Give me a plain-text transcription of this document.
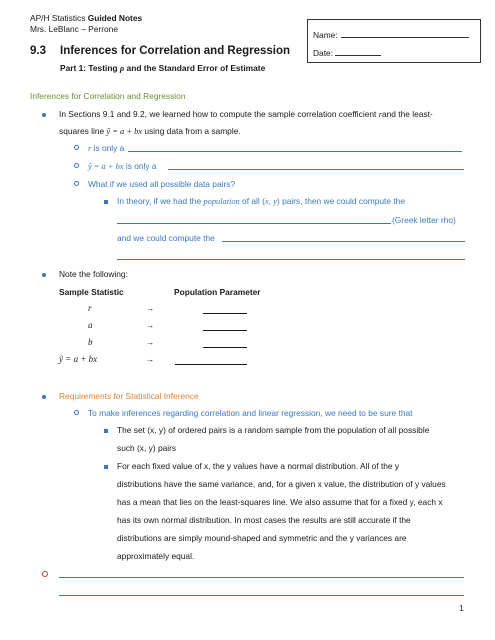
AP/H Statistics Guided Notes
Mrs. LeBlanc – Perrone
Name:
Date:
9.3 Inferences for Correlation and Regression
Part 1: Testing ρ and the Standard Error of Estimate
Inferences for Correlation and Regression
In Sections 9.1 and 9.2, we learned how to compute the sample correlation coefficient rand the least-
squares line ŷ = a + bx using data from a sample.
r is only a
ŷ = a + bx is only a
What if we used all possible data pairs?
In theory, if we had the population of all (x, y) pairs, then we could compute the
(Greek letter rho)
and we could compute the
Note the following:
Sample Statistic	Population Parameter
r	→
a	→
b	→
ŷ = a + bx	→
Requirements for Statistical Inference
To make inferences regarding correlation and linear regression, we need to be sure that
The set (x, y) of ordered pairs is a random sample from the population of all possible
such (x, y) pairs
For each fixed value of x, the y values have a normal distribution. All of the y
distributions have the same variance, and, for a given x value, the distribution of y values
has a mean that lies on the least-squares line. We also assume that for a fixed y, each x
has its own normal distribution. In most cases the results are still accurate if the
distributions are simply mound-shaped and symmetric and the y variances are
approximately equal.
1
